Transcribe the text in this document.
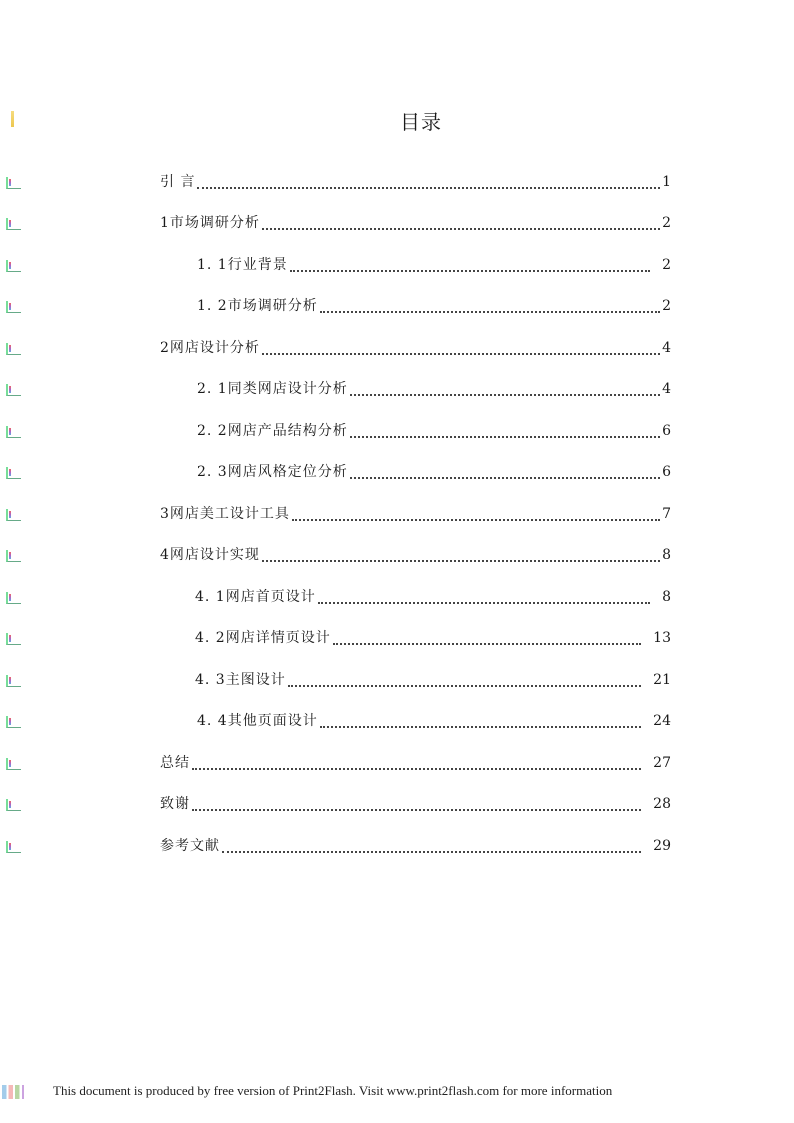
目录
引 言	1
1市场调研分析	2
1. 1行业背景	2
1. 2市场调研分析	2
2网店设计分析	4
2. 1同类网店设计分析	4
2. 2网店产品结构分析	6
2. 3网店风格定位分析	6
3网店美工设计工具	7
4网店设计实现	8
4. 1网店首页设计	8
4. 2网店详情页设计	13
4. 3主图设计	21
4. 4其他页面设计	24
总结	27
致谢	28
参考文献	29
This document is produced by free version of Print2Flash. Visit www.print2flash.com for more information
